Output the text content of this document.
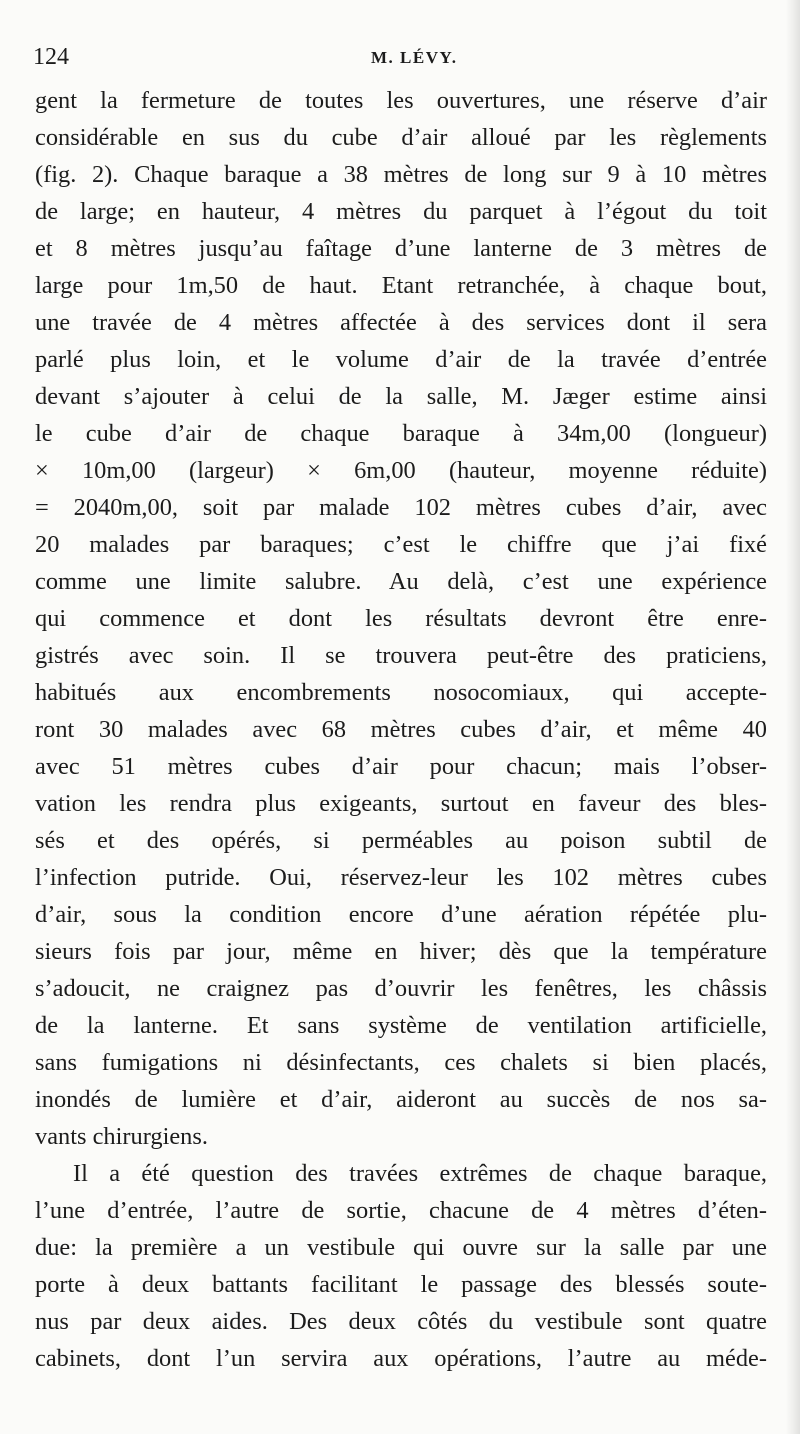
124	M. LÉVY.
gent la fermeture de toutes les ouvertures, une réserve d’air
considérable en sus du cube d’air alloué par les règlements
(fig. 2). Chaque baraque a 38 mètres de long sur 9 à 10 mètres
de large; en hauteur, 4 mètres du parquet à l’égout du toit
et 8 mètres jusqu’au faîtage d’une lanterne de 3 mètres de
large pour 1m,50 de haut. Etant retranchée, à chaque bout,
une travée de 4 mètres affectée à des services dont il sera
parlé plus loin, et le volume d’air de la travée d’entrée
devant s’ajouter à celui de la salle, M. Jæger estime ainsi
le cube d’air de chaque baraque à 34m,00 (longueur)
× 10m,00 (largeur) × 6m,00 (hauteur, moyenne réduite)
= 2040m,00, soit par malade 102 mètres cubes d’air, avec
20 malades par baraques; c’est le chiffre que j’ai fixé
comme une limite salubre. Au delà, c’est une expérience
qui commence et dont les résultats devront être enre-
gistrés avec soin. Il se trouvera peut-être des praticiens,
habitués aux encombrements nosocomiaux, qui accepte-
ront 30 malades avec 68 mètres cubes d’air, et même 40
avec 51 mètres cubes d’air pour chacun; mais l’obser-
vation les rendra plus exigeants, surtout en faveur des bles-
sés et des opérés, si perméables au poison subtil de
l’infection putride. Oui, réservez-leur les 102 mètres cubes
d’air, sous la condition encore d’une aération répétée plu-
sieurs fois par jour, même en hiver; dès que la température
s’adoucit, ne craignez pas d’ouvrir les fenêtres, les châssis
de la lanterne. Et sans système de ventilation artificielle,
sans fumigations ni désinfectants, ces chalets si bien placés,
inondés de lumière et d’air, aideront au succès de nos sa-
vants chirurgiens.
Il a été question des travées extrêmes de chaque baraque,
l’une d’entrée, l’autre de sortie, chacune de 4 mètres d’éten-
due: la première a un vestibule qui ouvre sur la salle par une
porte à deux battants facilitant le passage des blessés soute-
nus par deux aides. Des deux côtés du vestibule sont quatre
cabinets, dont l’un servira aux opérations, l’autre au méde-
